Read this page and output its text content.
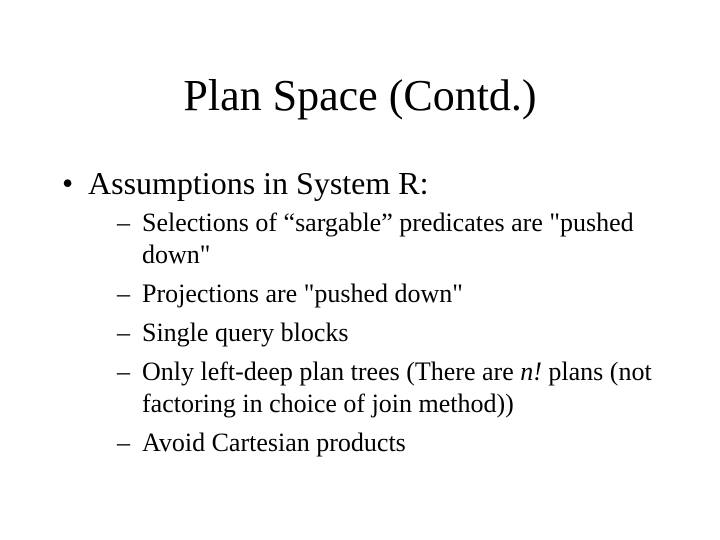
Plan Space (Contd.)
• Assumptions in System R:
– Selections of “sargable” predicates are "pushed down"
– Projections are "pushed down"
– Single query blocks
– Only left-deep plan trees (There are n! plans (not factoring in choice of join method))
– Avoid Cartesian products
